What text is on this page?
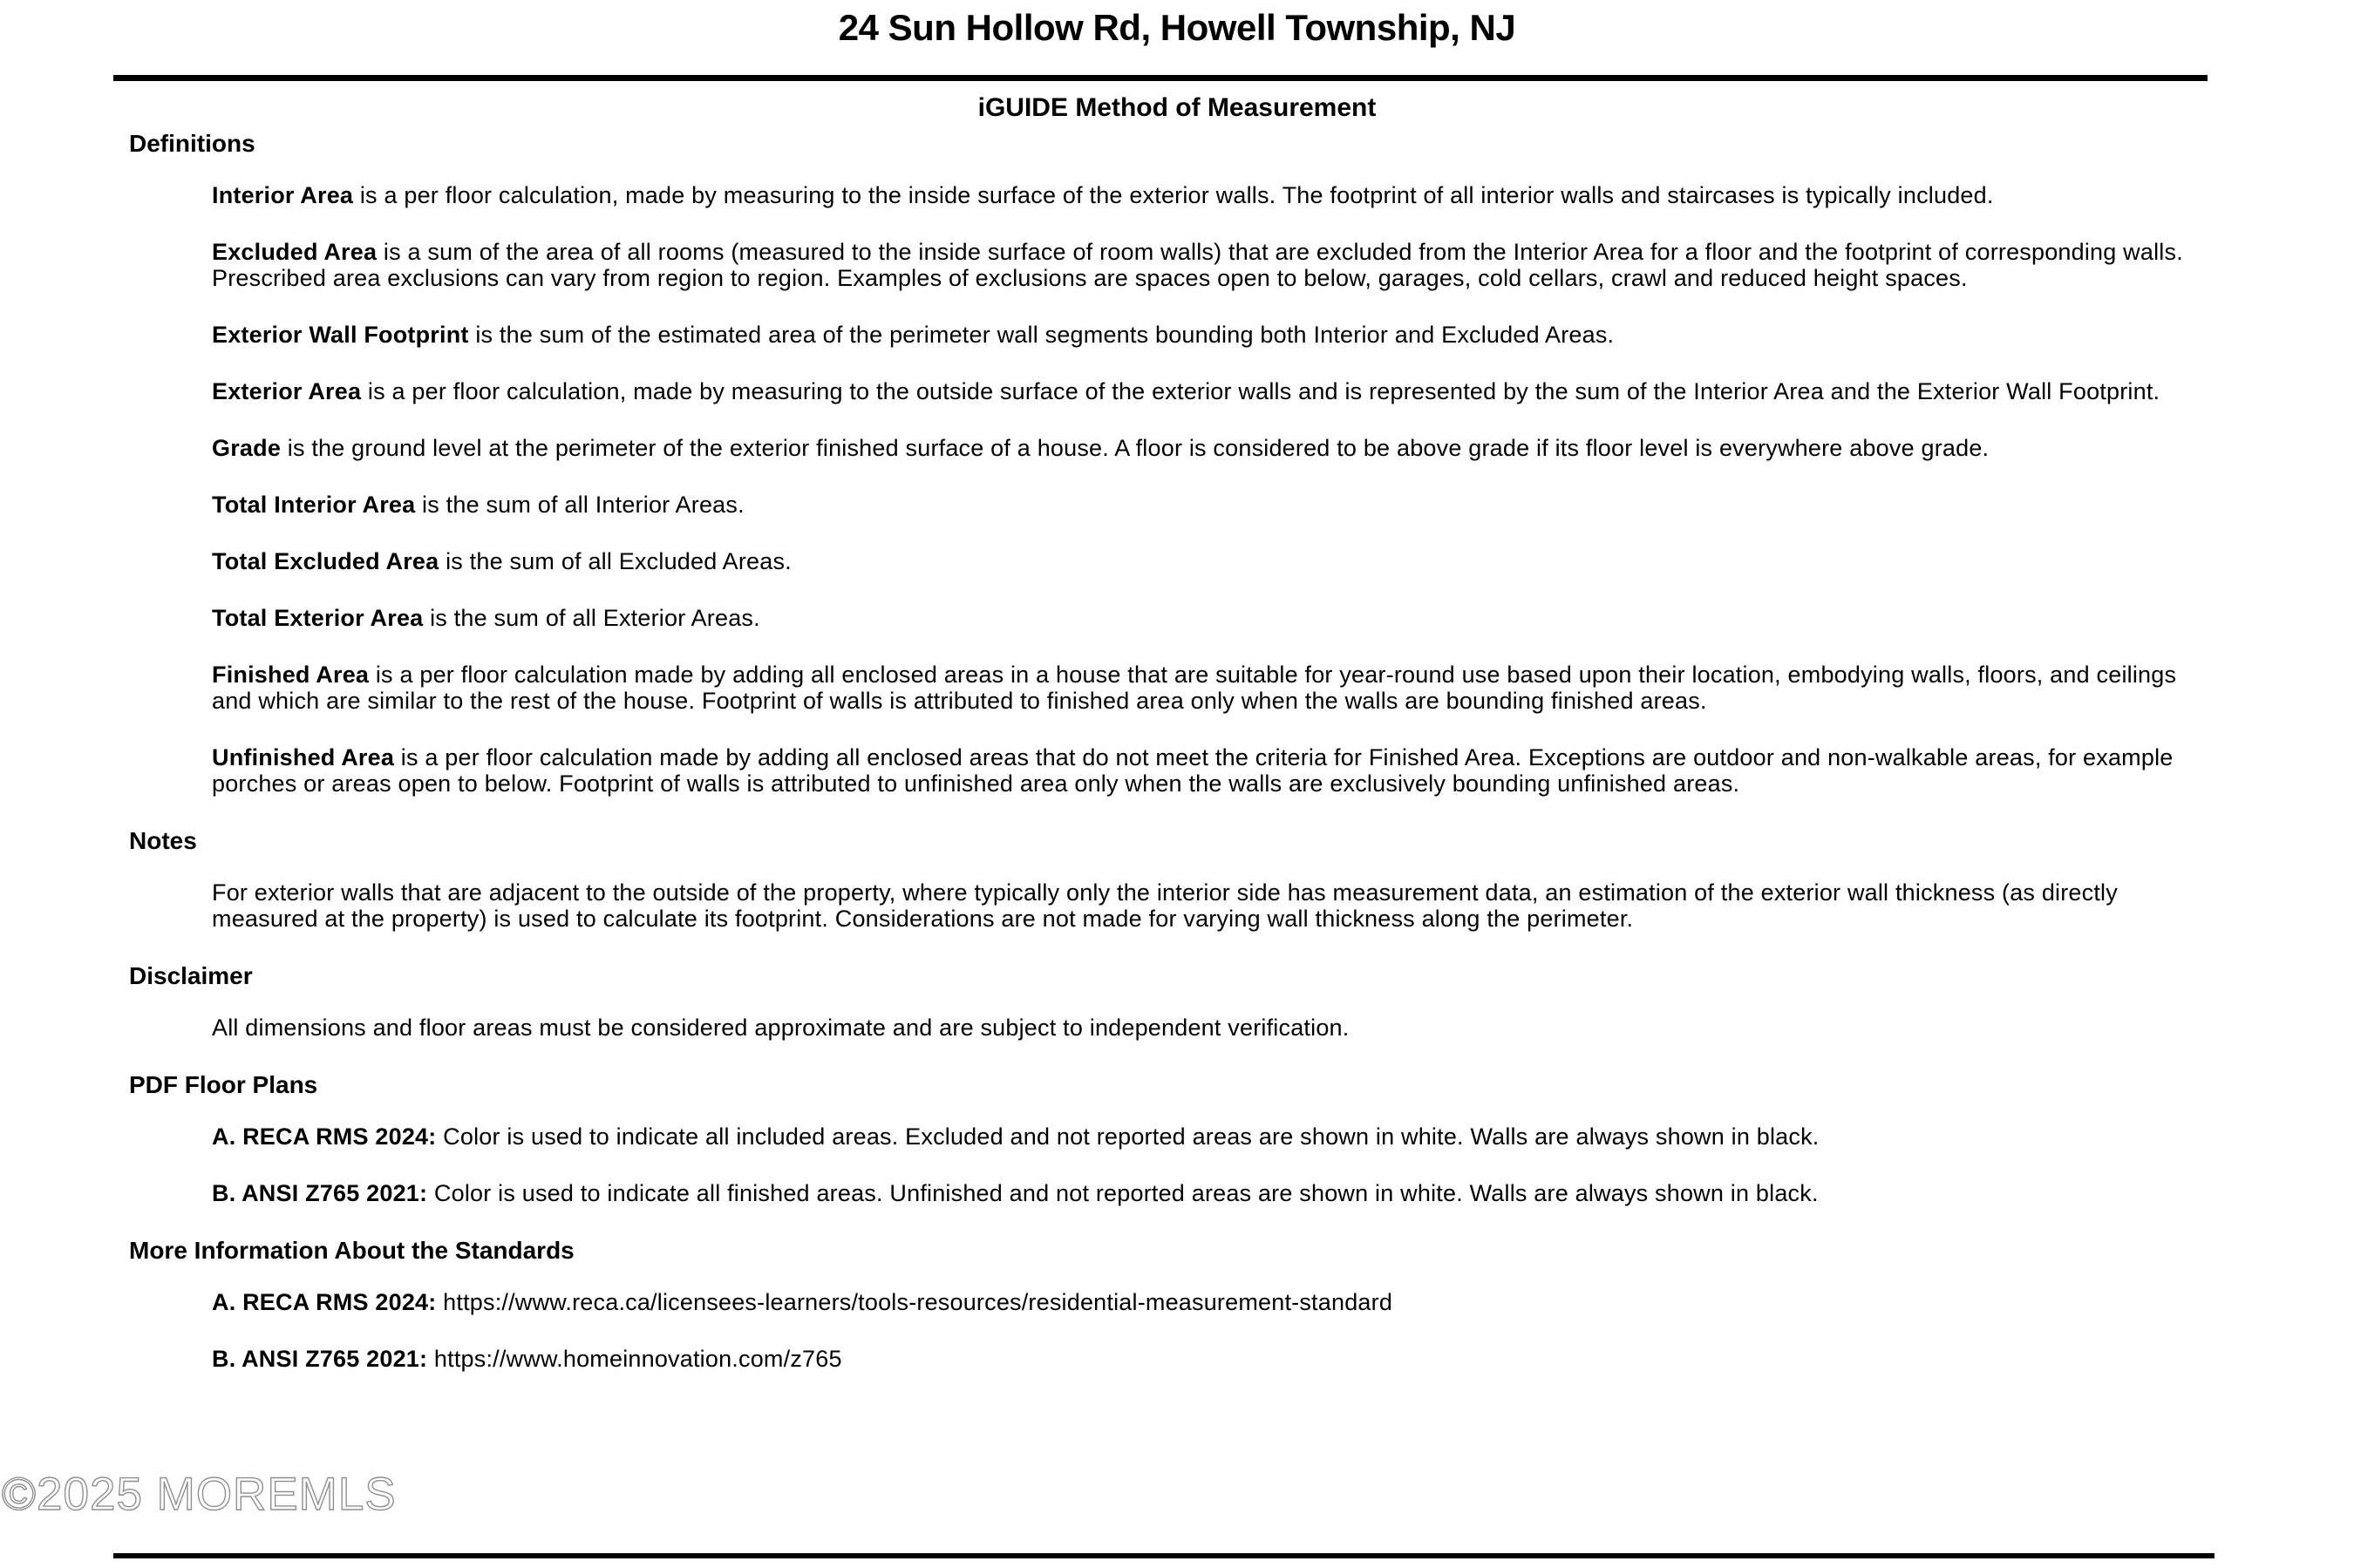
24 Sun Hollow Rd, Howell Township, NJ
iGUIDE Method of Measurement
Definitions

Interior Area is a per floor calculation, made by measuring to the inside surface of the exterior walls. The footprint of all interior walls and staircases is typically included.

Excluded Area is a sum of the area of all rooms (measured to the inside surface of room walls) that are excluded from the Interior Area for a floor and the footprint of corresponding walls. Prescribed area exclusions can vary from region to region. Examples of exclusions are spaces open to below, garages, cold cellars, crawl and reduced height spaces.

Exterior Wall Footprint is the sum of the estimated area of the perimeter wall segments bounding both Interior and Excluded Areas.

Exterior Area is a per floor calculation, made by measuring to the outside surface of the exterior walls and is represented by the sum of the Interior Area and the Exterior Wall Footprint.

Grade is the ground level at the perimeter of the exterior finished surface of a house. A floor is considered to be above grade if its floor level is everywhere above grade.

Total Interior Area is the sum of all Interior Areas.

Total Excluded Area is the sum of all Excluded Areas.

Total Exterior Area is the sum of all Exterior Areas.

Finished Area is a per floor calculation made by adding all enclosed areas in a house that are suitable for year-round use based upon their location, embodying walls, floors, and ceilings and which are similar to the rest of the house. Footprint of walls is attributed to finished area only when the walls are bounding finished areas.

Unfinished Area is a per floor calculation made by adding all enclosed areas that do not meet the criteria for Finished Area. Exceptions are outdoor and non-walkable areas, for example porches or areas open to below. Footprint of walls is attributed to unfinished area only when the walls are exclusively bounding unfinished areas.

Notes

For exterior walls that are adjacent to the outside of the property, where typically only the interior side has measurement data, an estimation of the exterior wall thickness (as directly measured at the property) is used to calculate its footprint. Considerations are not made for varying wall thickness along the perimeter.

Disclaimer

All dimensions and floor areas must be considered approximate and are subject to independent verification.

PDF Floor Plans

A. RECA RMS 2024: Color is used to indicate all included areas. Excluded and not reported areas are shown in white. Walls are always shown in black.

B. ANSI Z765 2021: Color is used to indicate all finished areas. Unfinished and not reported areas are shown in white. Walls are always shown in black.

More Information About the Standards

A. RECA RMS 2024: https://www.reca.ca/licensees-learners/tools-resources/residential-measurement-standard

B. ANSI Z765 2021: https://www.homeinnovation.com/z765

©2025 MOREMLS
